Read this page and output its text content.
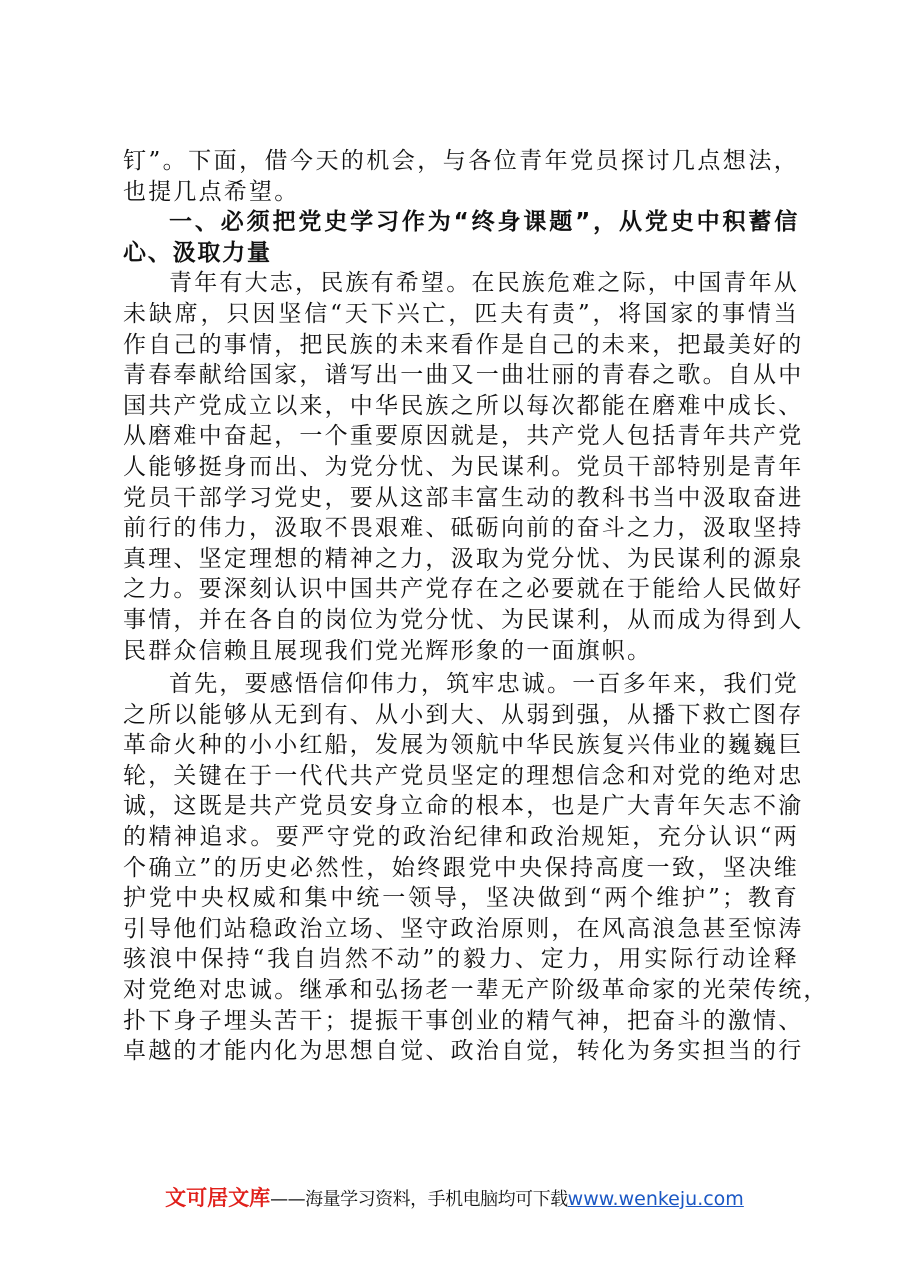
钉”。下面，借今天的机会，与各位青年党员探讨几点想法，
也提几点希望。
一、必须把党史学习作为“终身课题”，从党史中积蓄信
心、汲取力量
青年有大志，民族有希望。在民族危难之际，中国青年从
未缺席，只因坚信“天下兴亡，匹夫有责”，将国家的事情当
作自己的事情，把民族的未来看作是自己的未来，把最美好的
青春奉献给国家，谱写出一曲又一曲壮丽的青春之歌。自从中
国共产党成立以来，中华民族之所以每次都能在磨难中成长、
从磨难中奋起，一个重要原因就是，共产党人包括青年共产党
人能够挺身而出、为党分忧、为民谋利。党员干部特别是青年
党员干部学习党史，要从这部丰富生动的教科书当中汲取奋进
前行的伟力，汲取不畏艰难、砥砺向前的奋斗之力，汲取坚持
真理、坚定理想的精神之力，汲取为党分忧、为民谋利的源泉
之力。要深刻认识中国共产党存在之必要就在于能给人民做好
事情，并在各自的岗位为党分忧、为民谋利，从而成为得到人
民群众信赖且展现我们党光辉形象的一面旗帜。
首先，要感悟信仰伟力，筑牢忠诚。一百多年来，我们党
之所以能够从无到有、从小到大、从弱到强，从播下救亡图存
革命火种的小小红船，发展为领航中华民族复兴伟业的巍巍巨
轮，关键在于一代代共产党员坚定的理想信念和对党的绝对忠
诚，这既是共产党员安身立命的根本，也是广大青年矢志不渝
的精神追求。要严守党的政治纪律和政治规矩，充分认识“两
个确立”的历史必然性，始终跟党中央保持高度一致，坚决维
护党中央权威和集中统一领导，坚决做到“两个维护”；教育
引导他们站稳政治立场、坚守政治原则，在风高浪急甚至惊涛
骇浪中保持“我自岿然不动”的毅力、定力，用实际行动诠释
对党绝对忠诚。继承和弘扬老一辈无产阶级革命家的光荣传统，
扑下身子埋头苦干；提振干事创业的精气神，把奋斗的激情、
卓越的才能内化为思想自觉、政治自觉，转化为务实担当的行
文可居文库——海量学习资料，手机电脑均可下载www.wenkeju.com
